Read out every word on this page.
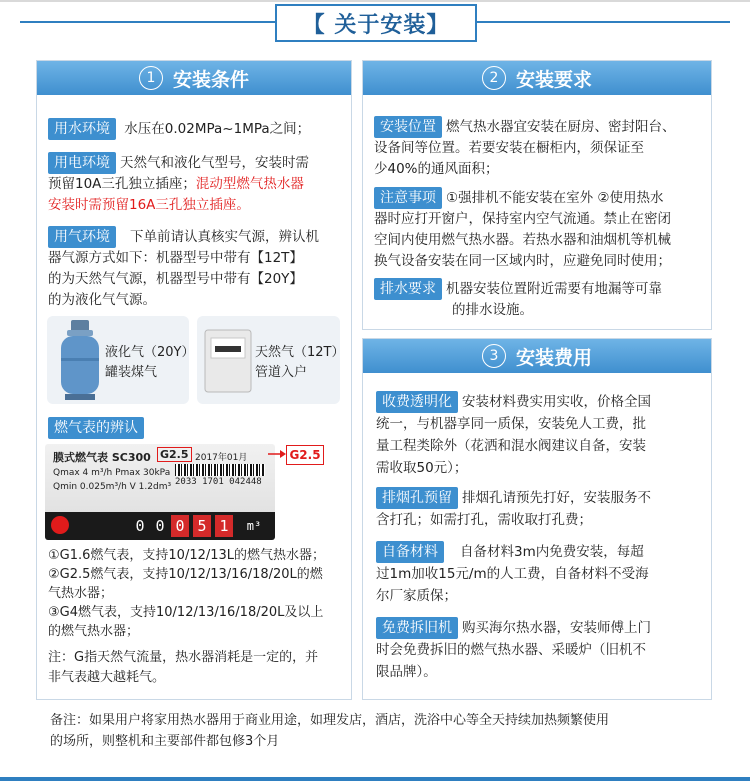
【 关于安装】
1 安装条件
用水环境 水压在0.02MPa~1MPa之间；
用电环境 天然气和液化气型号，安装时需
预留10A三孔独立插座；混动型燃气热水器
安装时需预留16A三孔独立插座。
用气环境 下单前请认真核实气源，辨认机
器气源方式如下：机器型号中带有【12T】
的为天然气气源，机器型号中带有【20Y】
的为液化气气源。
液化气（20Y）
罐装煤气
天然气（12T）
管道入户
燃气表的辨认
膜式燃气表 SC300 G2.5 2017年01月
Qmax 4 m³/h Pmax 30kPa
Qmin 0.025m³/h V 1.2dm³ 2033 1701 042448
0 0 0 5 1	m³
G2.5
①G1.6燃气表，支持10/12/13L的燃气热水器；
②G2.5燃气表，支持10/12/13/16/18/20L的燃
气热水器；
③G4燃气表，支持10/12/13/16/18/20L及以上
的燃气热水器；
注：G指天然气流量，热水器消耗是一定的，并
非气表越大越耗气。
2 安装要求
安装位置 燃气热水器宜安装在厨房、密封阳台、
设备间等位置。若要安装在橱柜内，须保证至
少40%的通风面积；
注意事项 ①强排机不能安装在室外 ②使用热水
器时应打开窗户，保持室内空气流通。禁止在密闭
空间内使用燃气热水器。若热水器和油烟机等机械
换气设备安装在同一区域内时，应避免同时使用；
排水要求 机器安装位置附近需要有地漏等可靠
的排水设施。
3 安装费用
收费透明化 安装材料费实用实收，价格全国
统一，与机器享同一质保，安装免人工费，批
量工程类除外（花洒和混水阀建议自备，安装
需收取50元）；
排烟孔预留 排烟孔请预先打好，安装服务不
含打孔；如需打孔，需收取打孔费；
自备材料 自备材料3m内免费安装，每超
过1m加收15元/m的人工费，自备材料不受海
尔厂家质保；
免费拆旧机 购买海尔热水器，安装师傅上门
时会免费拆旧的燃气热水器、采暖炉（旧机不
限品牌）。
备注：如果用户将家用热水器用于商业用途，如理发店，酒店，洗浴中心等全天持续加热频繁使用
的场所，则整机和主要部件都包修3个月
